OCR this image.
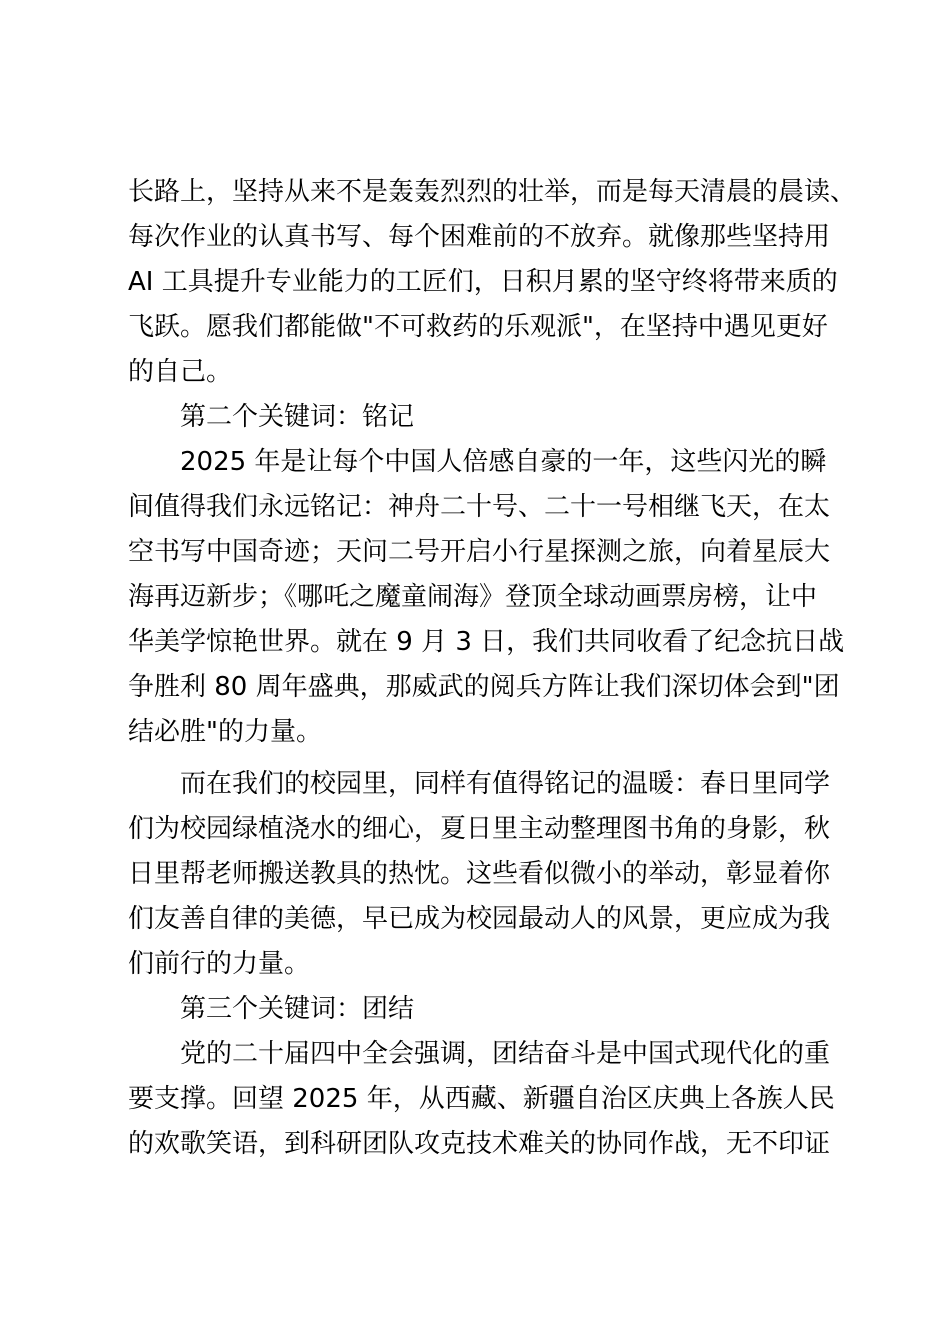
长路上，坚持从来不是轰轰烈烈的壮举，而是每天清晨的晨读、
每次作业的认真书写、每个困难前的不放弃。就像那些坚持用
AI 工具提升专业能力的工匠们，日积月累的坚守终将带来质的
飞跃。愿我们都能做"不可救药的乐观派"，在坚持中遇见更好
的自己。
　　第二个关键词：铭记
　　2025 年是让每个中国人倍感自豪的一年，这些闪光的瞬
间值得我们永远铭记：神舟二十号、二十一号相继飞天，在太
空书写中国奇迹；天问二号开启小行星探测之旅，向着星辰大
海再迈新步；《哪吒之魔童闹海》登顶全球动画票房榜，让中
华美学惊艳世界。就在 9 月 3 日，我们共同收看了纪念抗日战
争胜利 80 周年盛典，那威武的阅兵方阵让我们深切体会到"团
结必胜"的力量。
　　而在我们的校园里，同样有值得铭记的温暖：春日里同学
们为校园绿植浇水的细心，夏日里主动整理图书角的身影，秋
日里帮老师搬送教具的热忱。这些看似微小的举动，彰显着你
们友善自律的美德，早已成为校园最动人的风景，更应成为我
们前行的力量。
　　第三个关键词：团结
　　党的二十届四中全会强调，团结奋斗是中国式现代化的重
要支撑。回望 2025 年，从西藏、新疆自治区庆典上各族人民
的欢歌笑语，到科研团队攻克技术难关的协同作战，无不印证
